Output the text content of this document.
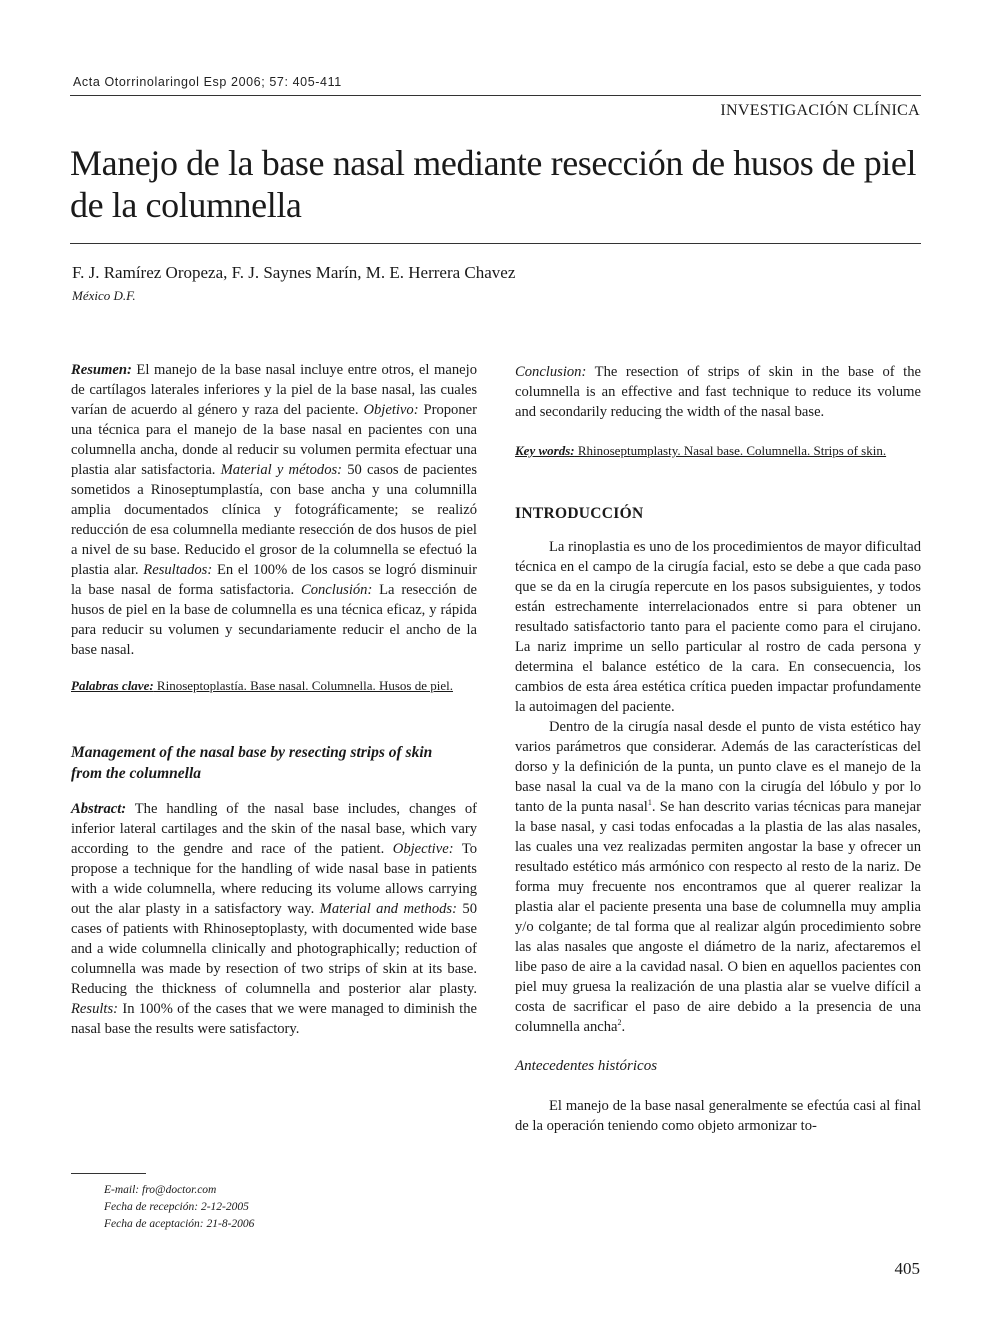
Acta Otorrinolaringol Esp 2006; 57: 405-411
INVESTIGACIÓN CLÍNICA
Manejo de la base nasal mediante resección de husos de piel de la columnella
F. J. Ramírez Oropeza, F. J. Saynes Marín, M. E. Herrera Chavez
México D.F.

Resumen: El manejo de la base nasal incluye entre otros, el manejo de cartílagos laterales inferiores y la piel de la base nasal, las cuales varían de acuerdo al género y raza del paciente. Objetivo: Proponer una técnica para el manejo de la base nasal en pacientes con una columnella ancha, donde al reducir su volumen permita efectuar una plastia alar satisfactoria. Material y métodos: 50 casos de pacientes sometidos a Rinoseptumplastía, con base ancha y una columnilla amplia documentados clínica y fotográficamente; se realizó reducción de esa columnella mediante resección de dos husos de piel a nivel de su base. Reducido el grosor de la columnella se efectuó la plastia alar. Resultados: En el 100% de los casos se logró disminuir la base nasal de forma satisfactoria. Conclusión: La resección de husos de piel en la base de columnella es una técnica eficaz, y rápida para reducir su volumen y secundariamente reducir el ancho de la base nasal.

Palabras clave: Rinoseptoplastía. Base nasal. Columnella. Husos de piel.

Management of the nasal base by resecting strips of skin from the columnella

Abstract: The handling of the nasal base includes, changes of inferior lateral cartilages and the skin of the nasal base, which vary according to the gendre and race of the patient. Objective: To propose a technique for the handling of wide nasal base in patients with a wide columnella, where reducing its volume allows carrying out the alar plasty in a satisfactory way. Material and methods: 50 cases of patients with Rhinoseptoplasty, with documented wide base and a wide columnella clinically and photographically; reduction of columnella was made by resection of two strips of skin at its base. Reducing the thickness of columnella and posterior alar plasty. Results: In 100% of the cases that we were managed to diminish the nasal base the results were satisfactory.

Conclusion: The resection of strips of skin in the base of the columnella is an effective and fast technique to reduce its volume and secondarily reducing the width of the nasal base.

Key words: Rhinoseptumplasty. Nasal base. Columnella. Strips of skin.

INTRODUCCIÓN

La rinoplastia es uno de los procedimientos de mayor dificultad técnica en el campo de la cirugía facial, esto se debe a que cada paso que se da en la cirugía repercute en los pasos subsiguientes, y todos están estrechamente interrelacionados entre si para obtener un resultado satisfactorio tanto para el paciente como para el cirujano. La nariz imprime un sello particular al rostro de cada persona y determina el balance estético de la cara. En consecuencia, los cambios de esta área estética crítica pueden impactar profundamente la autoimagen del paciente.

Dentro de la cirugía nasal desde el punto de vista estético hay varios parámetros que considerar. Además de las características del dorso y la definición de la punta, un punto clave es el manejo de la base nasal la cual va de la mano con la cirugía del lóbulo y por lo tanto de la punta nasal$^1$. Se han descrito varias técnicas para manejar la base nasal, y casi todas enfocadas a la plastia de las alas nasales, las cuales una vez realizadas permiten angostar la base y ofrecer un resultado estético más armónico con respecto al resto de la nariz. De forma muy frecuente nos encontramos que al querer realizar la plastia alar el paciente presenta una base de columnella muy amplia y/o colgante; de tal forma que al realizar algún procedimiento sobre las alas nasales que angoste el diámetro de la nariz, afectaremos el libe paso de aire a la cavidad nasal. O bien en aquellos pacientes con piel muy gruesa la realización de una plastia alar se vuelve difícil a costa de sacrificar el paso de aire debido a la presencia de una columnella ancha$^2$.

Antecedentes históricos

El manejo de la base nasal generalmente se efectúa casi al final de la operación teniendo como objeto armonizar to-

E-mail: fro@doctor.com
Fecha de recepción: 2-12-2005
Fecha de aceptación: 21-8-2006
405
